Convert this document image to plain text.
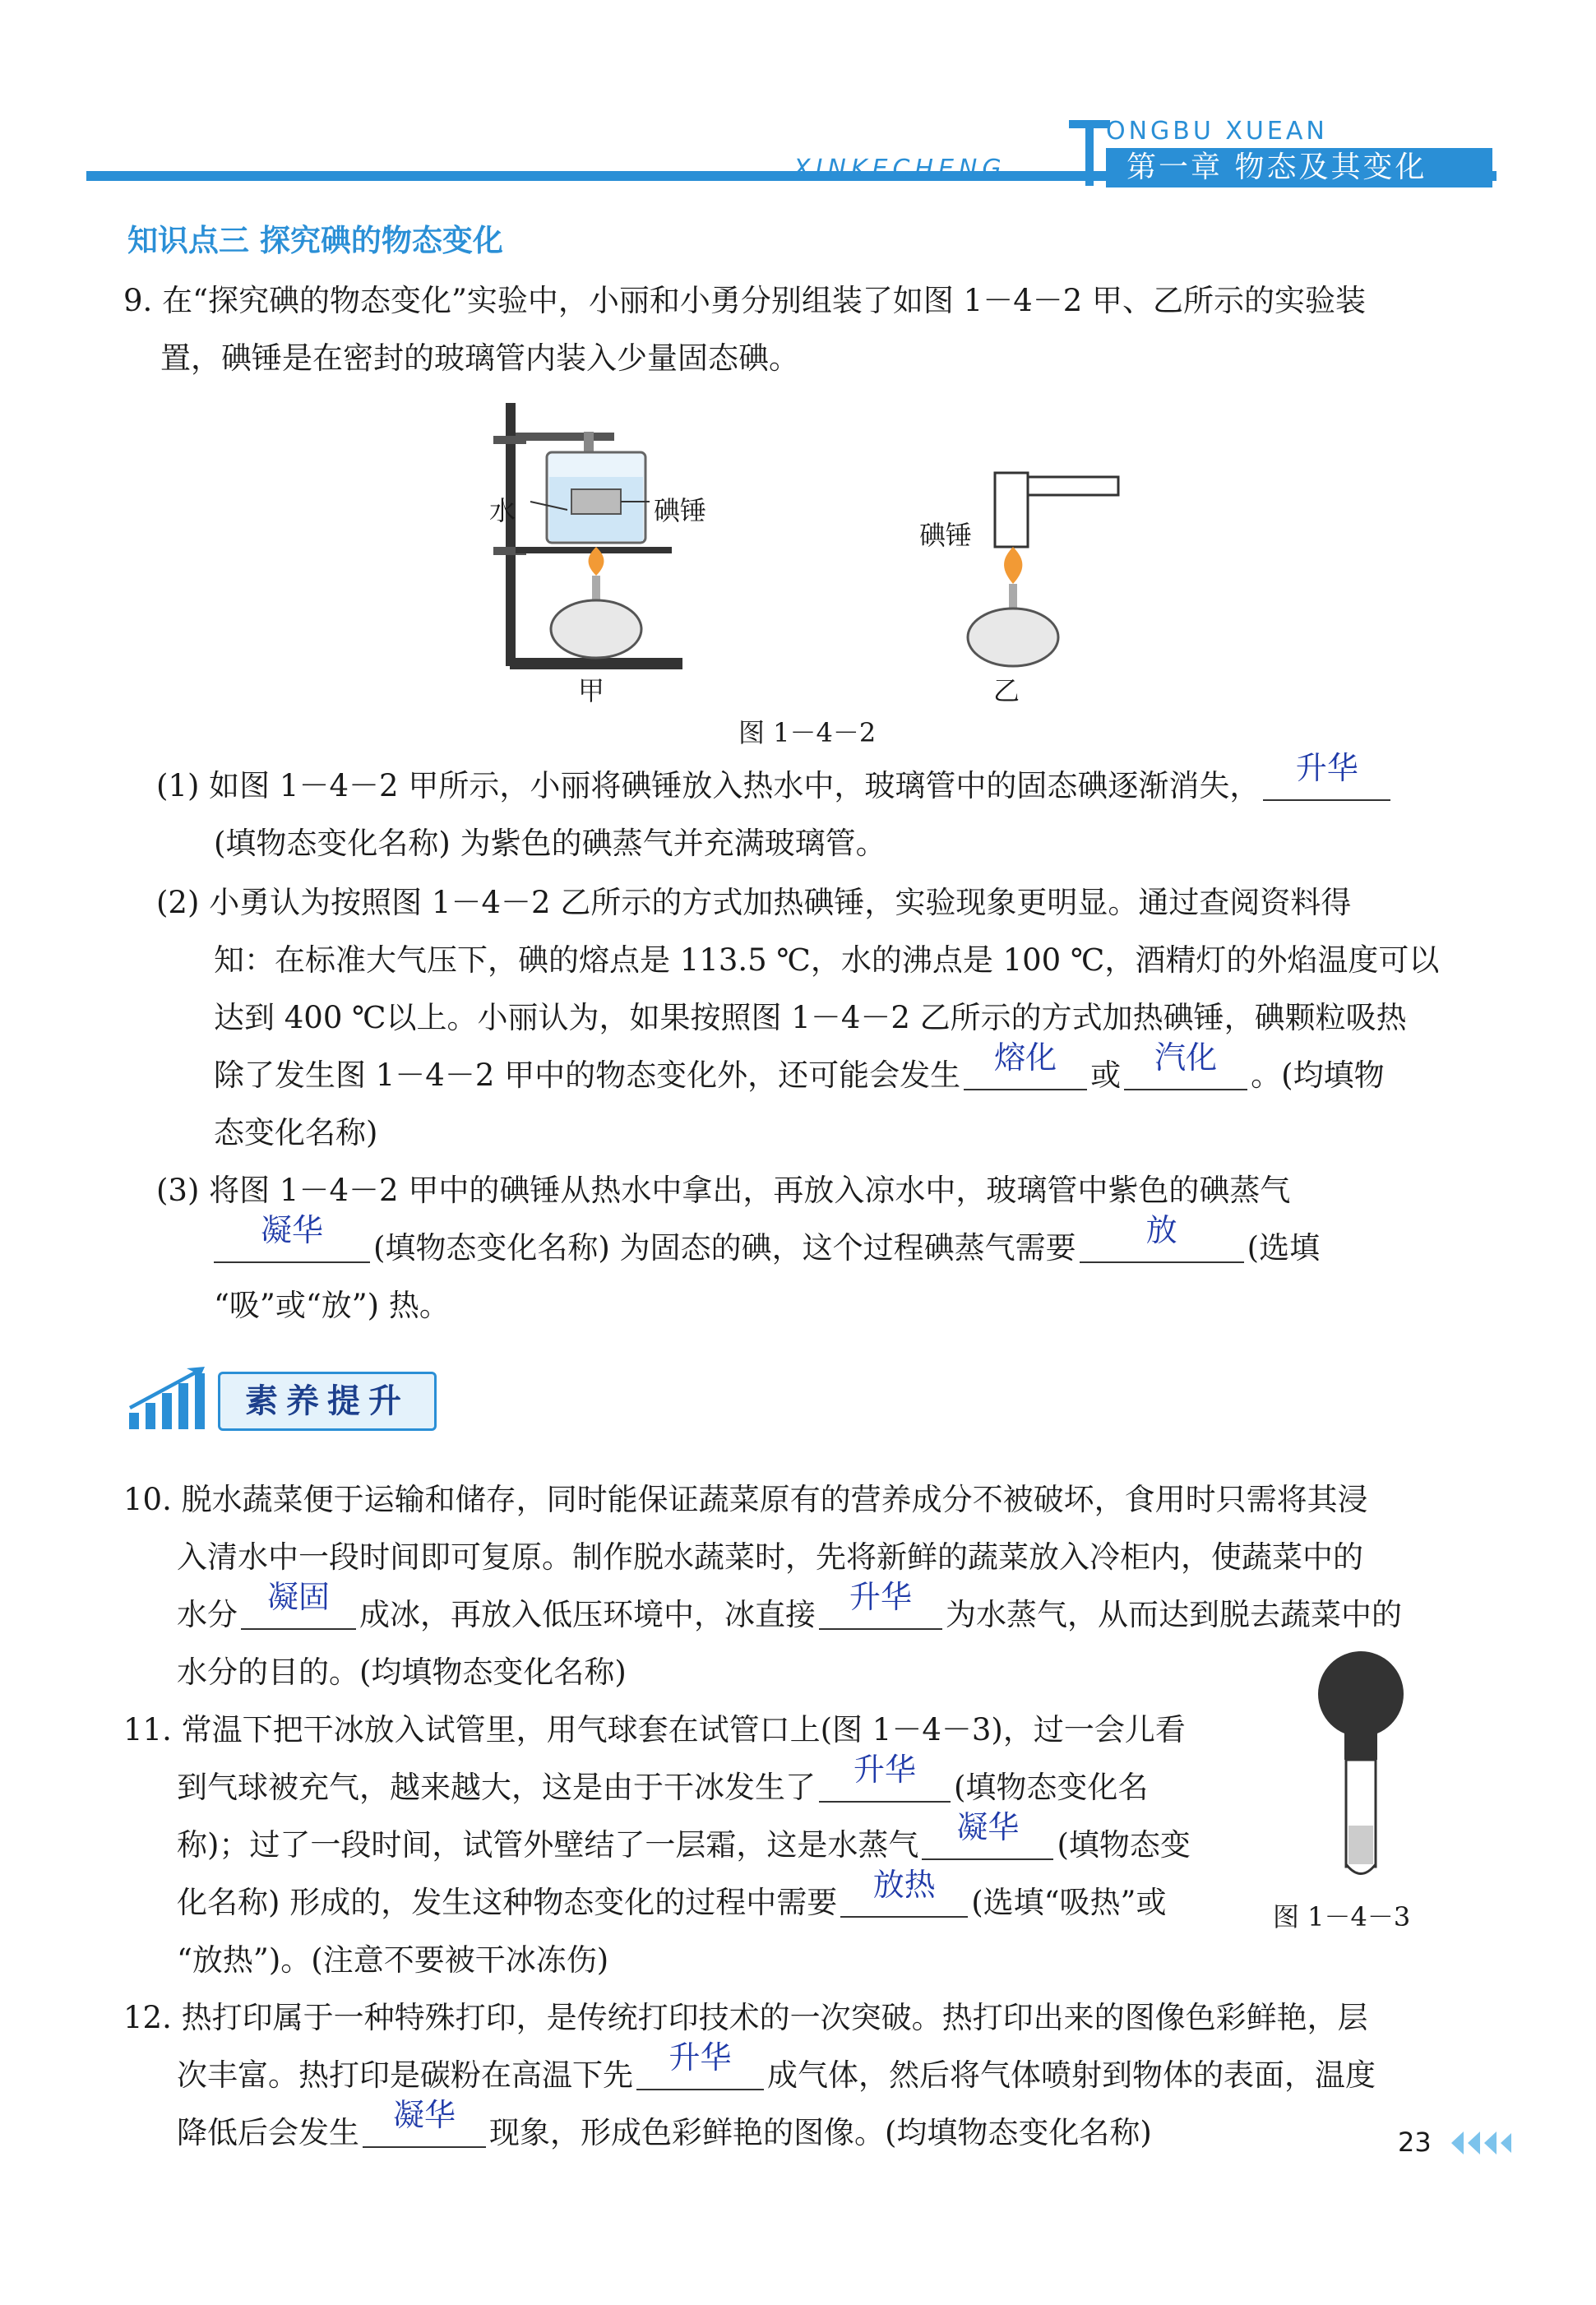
ONGBU XUEAN
XINKECHENG	第一章 物态及其变化
知识点三 探究碘的物态变化
9. 在“探究碘的物态变化”实验中，小丽和小勇分别组装了如图 1－4－2 甲、乙所示的实验装
置，碘锤是在密封的玻璃管内装入少量固态碘。
水	碘锤
甲
碘锤
乙
图 1－4－2
(1) 如图 1－4－2 甲所示，小丽将碘锤放入热水中，玻璃管中的固态碘逐渐消失，	升华
(填物态变化名称) 为紫色的碘蒸气并充满玻璃管。
(2) 小勇认为按照图 1－4－2 乙所示的方式加热碘锤，实验现象更明显。通过查阅资料得
知：在标准大气压下，碘的熔点是 113.5 ℃，水的沸点是 100 ℃，酒精灯的外焰温度可以
达到 400 ℃以上。小丽认为，如果按照图 1－4－2 乙所示的方式加热碘锤，碘颗粒吸热
除了发生图 1－4－2 甲中的物态变化外，还可能会发生	熔化	或	汽化	。(均填物
态变化名称)
(3) 将图 1－4－2 甲中的碘锤从热水中拿出，再放入凉水中，玻璃管中紫色的碘蒸气
凝华	(填物态变化名称) 为固态的碘，这个过程碘蒸气需要	放	(选填
“吸”或“放”) 热。
素养提升
10. 脱水蔬菜便于运输和储存，同时能保证蔬菜原有的营养成分不被破坏，食用时只需将其浸
入清水中一段时间即可复原。制作脱水蔬菜时，先将新鲜的蔬菜放入冷柜内，使蔬菜中的
水分 凝固 成冰，再放入低压环境中，冰直接	升华	为水蒸气，从而达到脱去蔬菜中的
水分的目的。(均填物态变化名称)
11. 常温下把干冰放入试管里，用气球套在试管口上(图 1－4－3)，过一会儿看
到气球被充气，越来越大，这是由于干冰发生了	升华	(填物态变化名
称)；过了一段时间，试管外壁结了一层霜，这是水蒸气	凝华	(填物态变
化名称) 形成的，发生这种物态变化的过程中需要	放热	(选填“吸热”或
“放热”)。(注意不要被干冰冻伤)
图 1－4－3
12. 热打印属于一种特殊打印，是传统打印技术的一次突破。热打印出来的图像色彩鲜艳，层
次丰富。热打印是碳粉在高温下先	升华	成气体，然后将气体喷射到物体的表面，温度
降低后会发生	凝华	现象，形成色彩鲜艳的图像。(均填物态变化名称)	23
